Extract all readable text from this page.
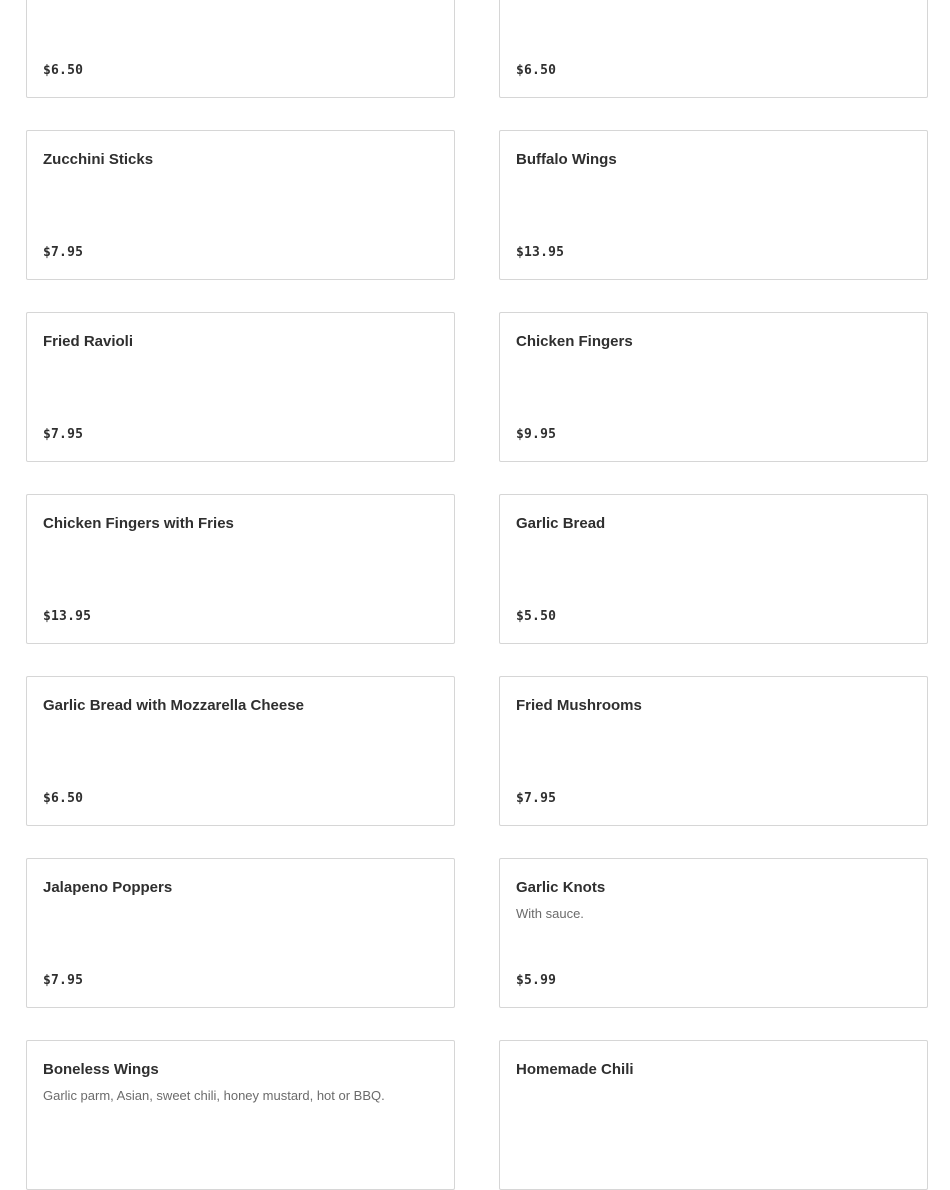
$6.50	$6.50
Zucchini Sticks
$7.95
Buffalo Wings
$13.95
Fried Ravioli
$7.95
Chicken Fingers
$9.95
Chicken Fingers with Fries
$13.95
Garlic Bread
$5.50
Garlic Bread with Mozzarella Cheese
$6.50
Fried Mushrooms
$7.95
Jalapeno Poppers
$7.95
Garlic Knots
With sauce.
$5.99
Boneless Wings
Garlic parm, Asian, sweet chili, honey mustard, hot or BBQ.
Homemade Chili
